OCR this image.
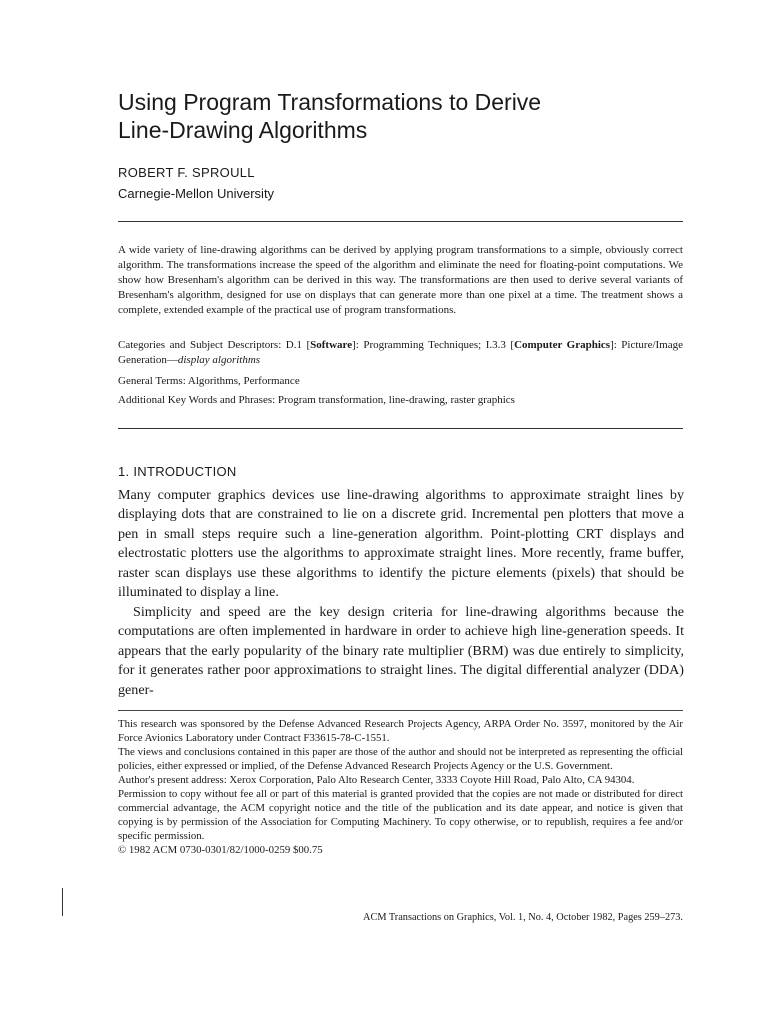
Using Program Transformations to Derive
Line-Drawing Algorithms
ROBERT F. SPROULL
Carnegie-Mellon University

A wide variety of line-drawing algorithms can be derived by applying program transformations to a simple, obviously correct algorithm. The transformations increase the speed of the algorithm and eliminate the need for floating-point computations. We show how Bresenham's algorithm can be derived in this way. The transformations are then used to derive several variants of Bresenham's algorithm, designed for use on displays that can generate more than one pixel at a time. The treatment shows a complete, extended example of the practical use of program transformations.

Categories and Subject Descriptors: D.1 [Software]: Programming Techniques; I.3.3 [Computer Graphics]: Picture/Image Generation—display algorithms

General Terms: Algorithms, Performance

Additional Key Words and Phrases: Program transformation, line-drawing, raster graphics

1. INTRODUCTION

Many computer graphics devices use line-drawing algorithms to approximate straight lines by displaying dots that are constrained to lie on a discrete grid. Incremental pen plotters that move a pen in small steps require such a line-generation algorithm. Point-plotting CRT displays and electrostatic plotters use the algorithms to approximate straight lines. More recently, frame buffer, raster scan displays use these algorithms to identify the picture elements (pixels) that should be illuminated to display a line.

Simplicity and speed are the key design criteria for line-drawing algorithms because the computations are often implemented in hardware in order to achieve high line-generation speeds. It appears that the early popularity of the binary rate multiplier (BRM) was due entirely to simplicity, for it generates rather poor approximations to straight lines. The digital differential analyzer (DDA) gener-

This research was sponsored by the Defense Advanced Research Projects Agency, ARPA Order No. 3597, monitored by the Air Force Avionics Laboratory under Contract F33615-78-C-1551.

The views and conclusions contained in this paper are those of the author and should not be interpreted as representing the official policies, either expressed or implied, of the Defense Advanced Research Projects Agency or the U.S. Government.

Author's present address: Xerox Corporation, Palo Alto Research Center, 3333 Coyote Hill Road, Palo Alto, CA 94304.

Permission to copy without fee all or part of this material is granted provided that the copies are not made or distributed for direct commercial advantage, the ACM copyright notice and the title of the publication and its date appear, and notice is given that copying is by permission of the Association for Computing Machinery. To copy otherwise, or to republish, requires a fee and/or specific permission.

© 1982 ACM 0730-0301/82/1000-0259 $00.75

ACM Transactions on Graphics, Vol. 1, No. 4, October 1982, Pages 259–273.
